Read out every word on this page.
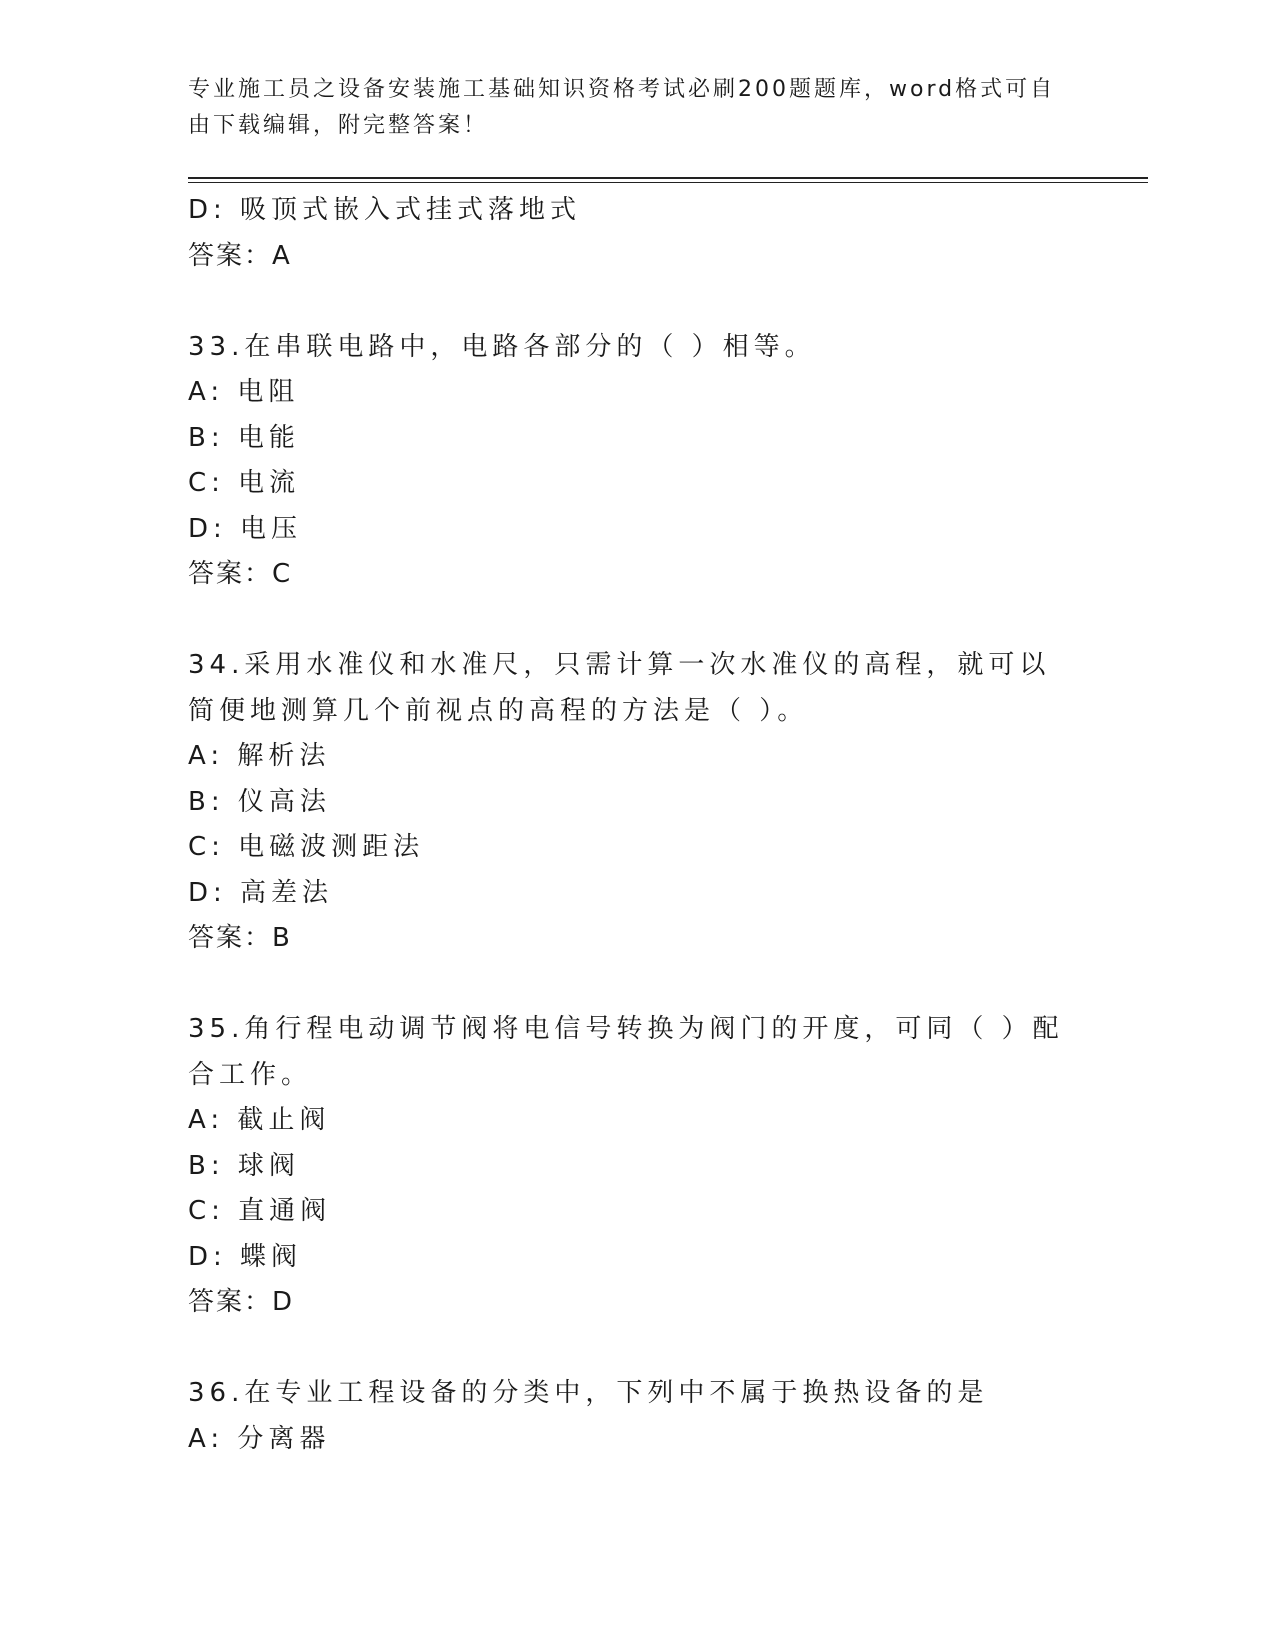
专业施工员之设备安装施工基础知识资格考试必刷200题题库，word格式可自由下载编辑，附完整答案！
D: 吸顶式嵌入式挂式落地式
答案：A
33.在串联电路中，电路各部分的（ ）相等。
A: 电阻
B: 电能
C: 电流
D: 电压
答案：C
34.采用水准仪和水准尺，只需计算一次水准仪的高程，就可以简便地测算几个前视点的高程的方法是（ ）。
A: 解析法
B: 仪高法
C: 电磁波测距法
D: 高差法
答案：B
35.角行程电动调节阀将电信号转换为阀门的开度，可同（ ）配合工作。
A: 截止阀
B: 球阀
C: 直通阀
D: 蝶阀
答案：D
36.在专业工程设备的分类中，下列中不属于换热设备的是
A: 分离器
